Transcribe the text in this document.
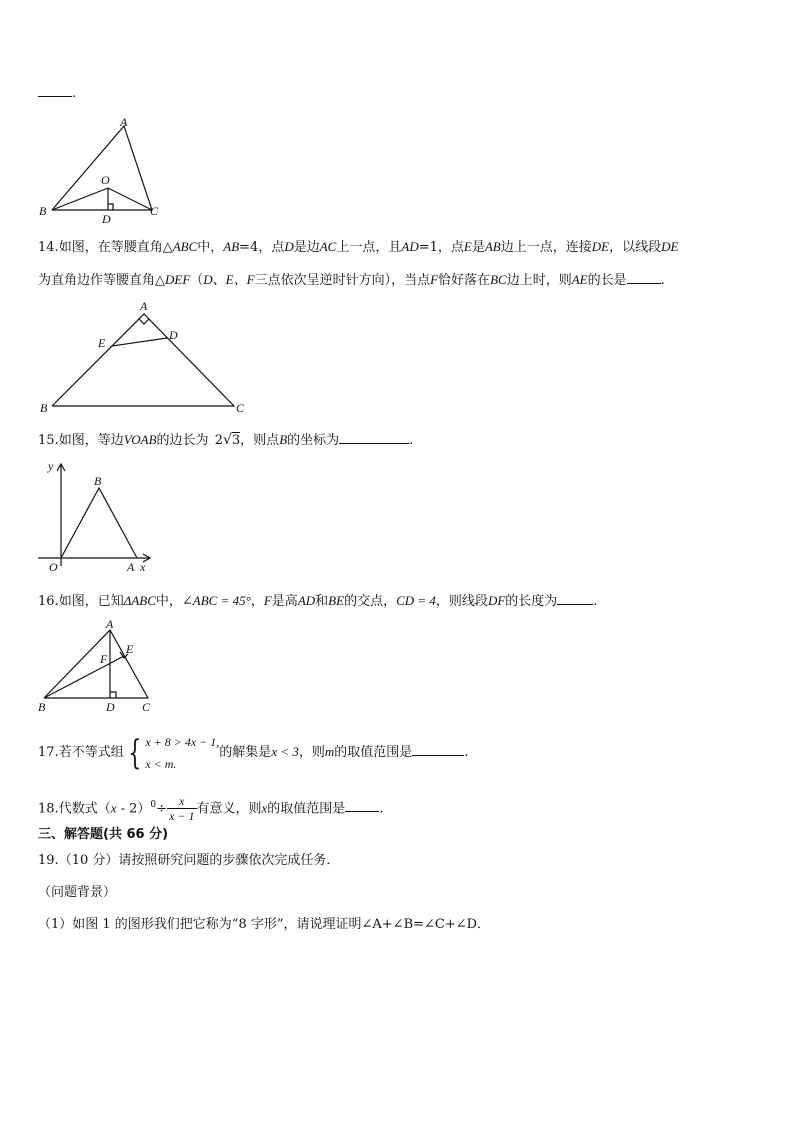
.
A
B	C
O
D
14.如图，在等腰直角△ABC中，AB=4，点D是边AC上一点，且AD=1，点E是AB边上一点，连接DE，以线段DE
为直角边作等腰直角△DEF（D、E、F三点依次呈逆时针方向），当点F恰好落在BC边上时，则AE的长是	.
A
B	C
D
E
15.如图，等边VOAB的边长为 2√3，则点B的坐标为	.
y
x
O	A
B
16.如图，已知ΔABC中，∠ABC = 45°，F是高AD和BE的交点，CD = 4，则线段DF的长度为	.
A
B	C
D
E
F
17.若不等式组 { x + 8 > 4x − 1,
x < m.
的解集是x < 3，则m的取值范围是	.
18.代数式$(x - 2)^0\div \frac{x}{x - 1}$ 有意义，则x的取值范围是	.
三、解答题(共 66 分)
19.（10 分）请按照研究问题的步骤依次完成任务．
（问题背景）
（1）如图 1 的图形我们把它称为“8 字形”，请说理证明∠A+∠B=∠C+∠D．
